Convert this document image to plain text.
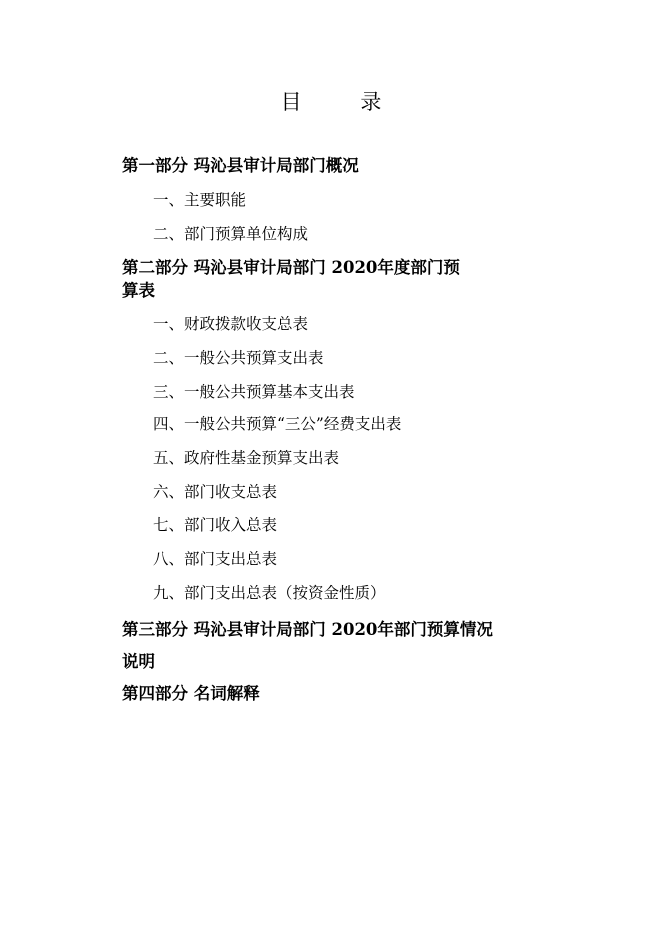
目 录
第一部分 玛沁县审计局部门概况
一、主要职能
二、部门预算单位构成
第二部分 玛沁县审计局部门 2020年度部门预
算表
一、财政拨款收支总表
二、一般公共预算支出表
三、一般公共预算基本支出表
四、一般公共预算“三公”经费支出表
五、政府性基金预算支出表
六、部门收支总表
七、部门收入总表
八、部门支出总表
九、部门支出总表（按资金性质）
第三部分 玛沁县审计局部门 2020年部门预算情况
说明
第四部分 名词解释
